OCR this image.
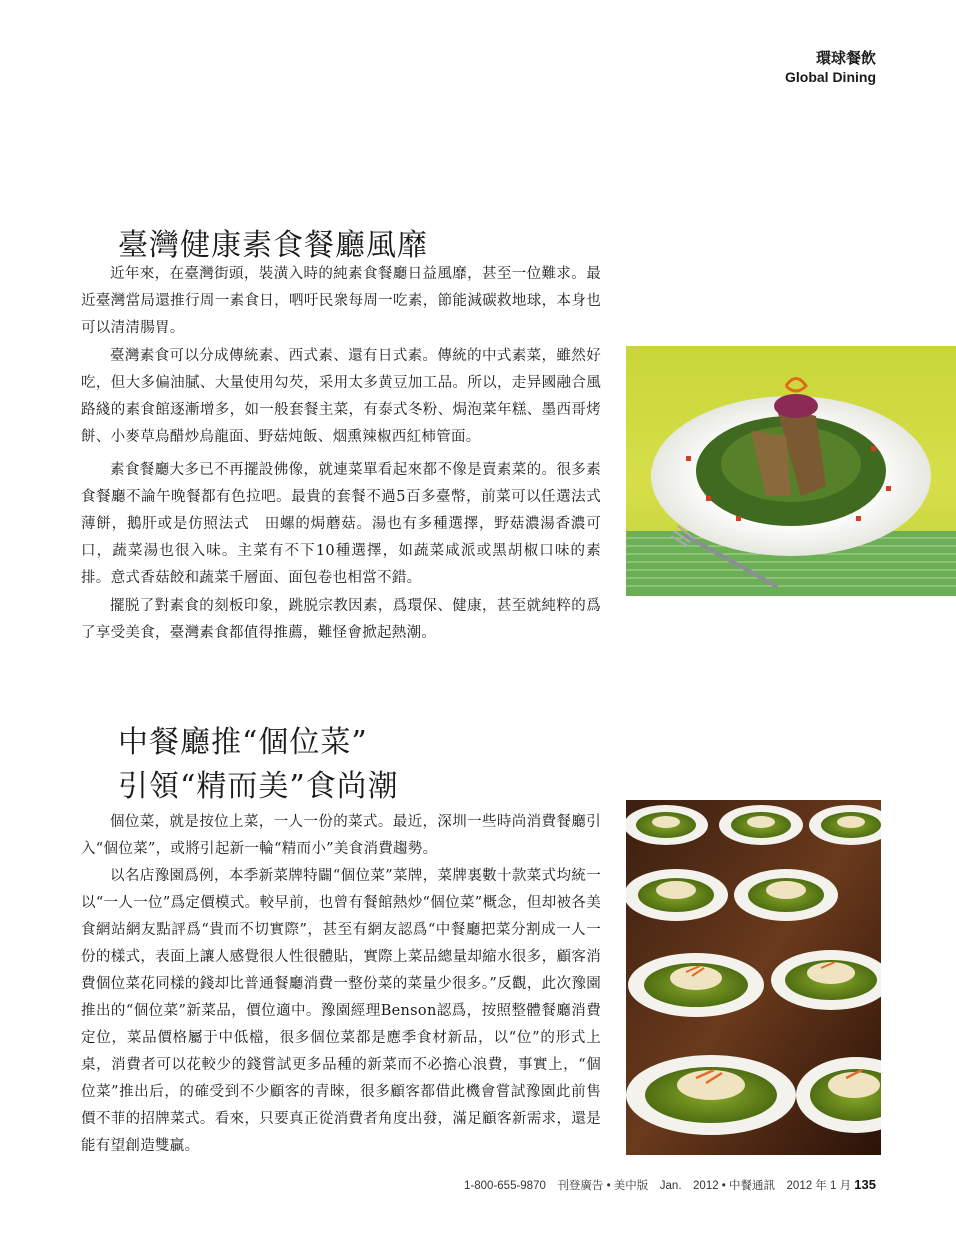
環球餐飲
Global Dining
臺灣健康素食餐廳風靡

近年來，在臺灣街頭，裝潢入時的純素食餐廳日益風靡，甚至一位難求。最近臺灣當局還推行周一素食日，呬吁民衆每周一吃素，節能減碳救地球，本身也可以清清腸胃。

臺灣素食可以分成傳統素、西式素、還有日式素。傳統的中式素菜，雖然好吃，但大多偏油膩、大量使用勾芡，采用太多黄豆加工品。所以，走异國融合風路綫的素食館逐漸增多，如一般套餐主菜，有泰式冬粉、焗泡菜年糕、墨西哥烤餅、小麥草烏醋炒烏龍面、野菇炖飯、烟熏辣椒西紅柿管面。

素食餐廳大多已不再擺設佛像，就連菜單看起來都不像是賣素菜的。很多素食餐廳不論午晚餐都有色拉吧。最貴的套餐不過5百多臺幣，前菜可以任選法式薄餅，鵝肝或是仿照法式　田螺的焗蘑菇。湯也有多種選擇，野菇濃湯香濃可口，蔬菜湯也很入味。主菜有不下10種選擇，如蔬菜咸派或黑胡椒口味的素排。意式香菇餃和蔬菜千層面、面包卷也相當不錯。

擺脱了對素食的刻板印象，跳脱宗教因素，爲環保、健康，甚至就純粹的爲了享受美食，臺灣素食都值得推薦，難怪會掀起熱潮。

中餐廳推“個位菜”
引領“精而美”食尚潮

個位菜，就是按位上菜，一人一份的菜式。最近，深圳一些時尚消費餐廳引入“個位菜”，或將引起新一輪“精而小”美食消費趨勢。

以名店豫園爲例，本季新菜牌特闢“個位菜”菜牌，菜牌裏數十款菜式均統一以“一人一位”爲定價模式。較早前，也曾有餐館熱炒“個位菜”概念，但却被各美食網站網友點評爲“貴而不切實際”，甚至有網友認爲“中餐廳把菜分割成一人一份的樣式，表面上讓人感覺很人性很體貼，實際上菜品總量却縮水很多，顧客消費個位菜花同樣的錢却比普通餐廳消費一整份菜的菜量少很多。”反觀，此次豫園推出的“個位菜”新菜品，價位適中。豫園經理Benson認爲，按照整體餐廳消費定位，菜品價格屬于中低檔，很多個位菜都是應季食材新品，以“位”的形式上桌，消費者可以花較少的錢嘗試更多品種的新菜而不必擔心浪費，事實上，“個位菜”推出后，的確受到不少顧客的青睞，很多顧客都借此機會嘗試豫園此前售價不菲的招牌菜式。看來，只要真正從消費者角度出發，滿足顧客新需求，還是能有望創造雙贏。

1-800-655-9870　刊登廣告 • 美中版　Jan.　2012 • 中餐通訊　2012 年 1 月 135
